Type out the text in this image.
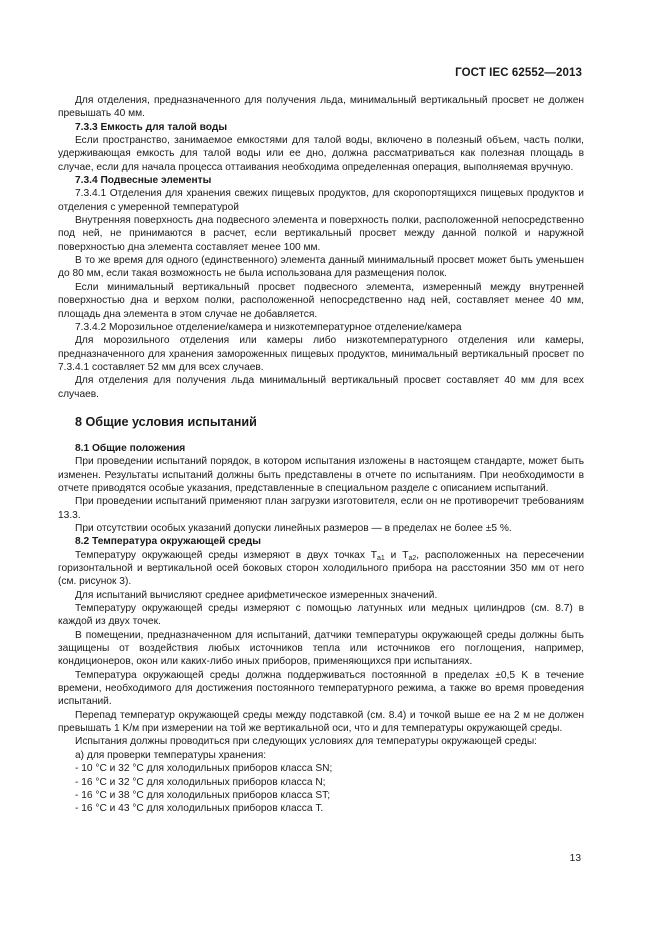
ГОСТ IEC 62552—2013

Для отделения, предназначенного для получения льда, минимальный вертикальный просвет не должен превышать 40 мм.

7.3.3 Емкость для талой воды

Если пространство, занимаемое емкостями для талой воды, включено в полезный объем, часть полки, удерживающая емкость для талой воды или ее дно, должна рассматриваться как полезная площадь в случае, если для начала процесса оттаивания необходима определенная операция, выполняемая вручную.

7.3.4 Подвесные элементы

7.3.4.1 Отделения для хранения свежих пищевых продуктов, для скоропортящихся пищевых продуктов и отделения с умеренной температурой

Внутренняя поверхность дна подвесного элемента и поверхность полки, расположенной непосредственно под ней, не принимаются в расчет, если вертикальный просвет между данной полкой и наружной поверхностью дна элемента составляет менее 100 мм.

В то же время для одного (единственного) элемента данный минимальный просвет может быть уменьшен до 80 мм, если такая возможность не была использована для размещения полок.

Если минимальный вертикальный просвет подвесного элемента, измеренный между внутренней поверхностью дна и верхом полки, расположенной непосредственно над ней, составляет менее 40 мм, площадь дна элемента в этом случае не добавляется.

7.3.4.2 Морозильное отделение/камера и низкотемпературное отделение/камера

Для морозильного отделения или камеры либо низкотемпературного отделения или камеры, предназначенного для хранения замороженных пищевых продуктов, минимальный вертикальный просвет по 7.3.4.1 составляет 52 мм для всех случаев.

Для отделения для получения льда минимальный вертикальный просвет составляет 40 мм для всех случаев.

8 Общие условия испытаний

8.1 Общие положения

При проведении испытаний порядок, в котором испытания изложены в настоящем стандарте, может быть изменен. Результаты испытаний должны быть представлены в отчете по испытаниям. При необходимости в отчете приводятся особые указания, представленные в специальном разделе с описанием испытаний.

При проведении испытаний применяют план загрузки изготовителя, если он не противоречит требованиям 13.3.

При отсутствии особых указаний допуски линейных размеров — в пределах не более ±5 %.

8.2 Температура окружающей среды

Температуру окружающей среды измеряют в двух точках $T_{a1}$ и $T_{a2}$, расположенных на пересечении горизонтальной и вертикальной осей боковых сторон холодильного прибора на расстоянии 350 мм от него (см. рисунок 3).

Для испытаний вычисляют среднее арифметическое измеренных значений.

Температуру окружающей среды измеряют с помощью латунных или медных цилиндров (см. 8.7) в каждой из двух точек.

В помещении, предназначенном для испытаний, датчики температуры окружающей среды должны быть защищены от воздействия любых источников тепла или источников его поглощения, например, кондиционеров, окон или каких-либо иных приборов, применяющихся при испытаниях.

Температура окружающей среды должна поддерживаться постоянной в пределах ±0,5 K в течение времени, необходимого для достижения постоянного температурного режима, а также во время проведения испытаний.

Перепад температур окружающей среды между подставкой (см. 8.4) и точкой выше ее на 2 м не должен превышать 1 K/м при измерении на той же вертикальной оси, что и для температуры окружающей среды.

Испытания должны проводиться при следующих условиях для температуры окружающей среды:

а) для проверки температуры хранения:

- 10 °C и 32 °C для холодильных приборов класса SN;

- 16 °C и 32 °C для холодильных приборов класса N;

- 16 °C и 38 °C для холодильных приборов класса ST;

- 16 °C и 43 °C для холодильных приборов класса T.

13
